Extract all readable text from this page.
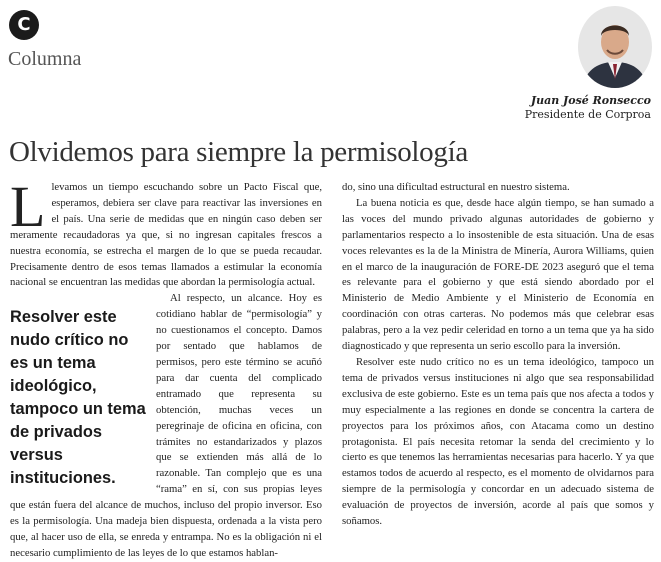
C
Columna
Juan José Ronsecco
Presidente de Corproa
Olvidemos para siempre la permisología

Llevamos un tiempo escuchando sobre un Pacto Fiscal que, esperamos, debiera ser clave para reactivar las inversiones en el país. Una serie de medidas que en ningún caso deben ser meramente recaudadoras ya que, si no ingresan capitales frescos a nuestra economía, se estrecha el margen de lo que se pueda recaudar. Precisamente dentro de esos temas llamados a estimular la economía nacional se encuentran las medidas que abordan la permisología actual.

Resolver este nudo crítico no es un tema ideológico, tampoco un tema de privados versus instituciones.

Al respecto, un alcance. Hoy es cotidiano hablar de “permisología” y no cuestionamos el concepto. Damos por sentado que hablamos de permisos, pero este término se acuñó para dar cuenta del complicado entramado que representa su obtención, muchas veces un peregrinaje de oficina en oficina, con trámites no estandarizados y plazos que se extienden más allá de lo razonable. Tan complejo que es una “rama” en sí, con sus propias leyes que están fuera del alcance de muchos, incluso del propio inversor. Eso es la permisología. Una madeja bien dispuesta, ordenada a la vista pero que, al hacer uso de ella, se enreda y entrampa. No es la obligación ni el necesario cumplimiento de las leyes de lo que estamos hablan-

do, sino una dificultad estructural en nuestro sistema.

La buena noticia es que, desde hace algún tiempo, se han sumado a las voces del mundo privado algunas autoridades de gobierno y parlamentarios respecto a lo insostenible de esta situación. Una de esas voces relevantes es la de la Ministra de Minería, Aurora Williams, quien en el marco de la inauguración de FORE-DE 2023 aseguró que el tema es relevante para el gobierno y que está siendo abordado por el Ministerio de Medio Ambiente y el Ministerio de Economía en coordinación con otras carteras. No podemos más que celebrar esas palabras, pero a la vez pedir celeridad en torno a un tema que ya ha sido diagnosticado y que representa un serio escollo para la inversión.

Resolver este nudo crítico no es un tema ideológico, tampoco un tema de privados versus instituciones ni algo que sea responsabilidad exclusiva de este gobierno. Este es un tema país que nos afecta a todos y muy especialmente a las regiones en donde se concentra la cartera de proyectos para los próximos años, con Atacama como un destino protagonista. El país necesita retomar la senda del crecimiento y lo cierto es que tenemos las herramientas necesarias para hacerlo. Y ya que estamos todos de acuerdo al respecto, es el momento de olvidarnos para siempre de la permisología y concordar en un adecuado sistema de evaluación de proyectos de inversión, acorde al país que somos y soñamos.
